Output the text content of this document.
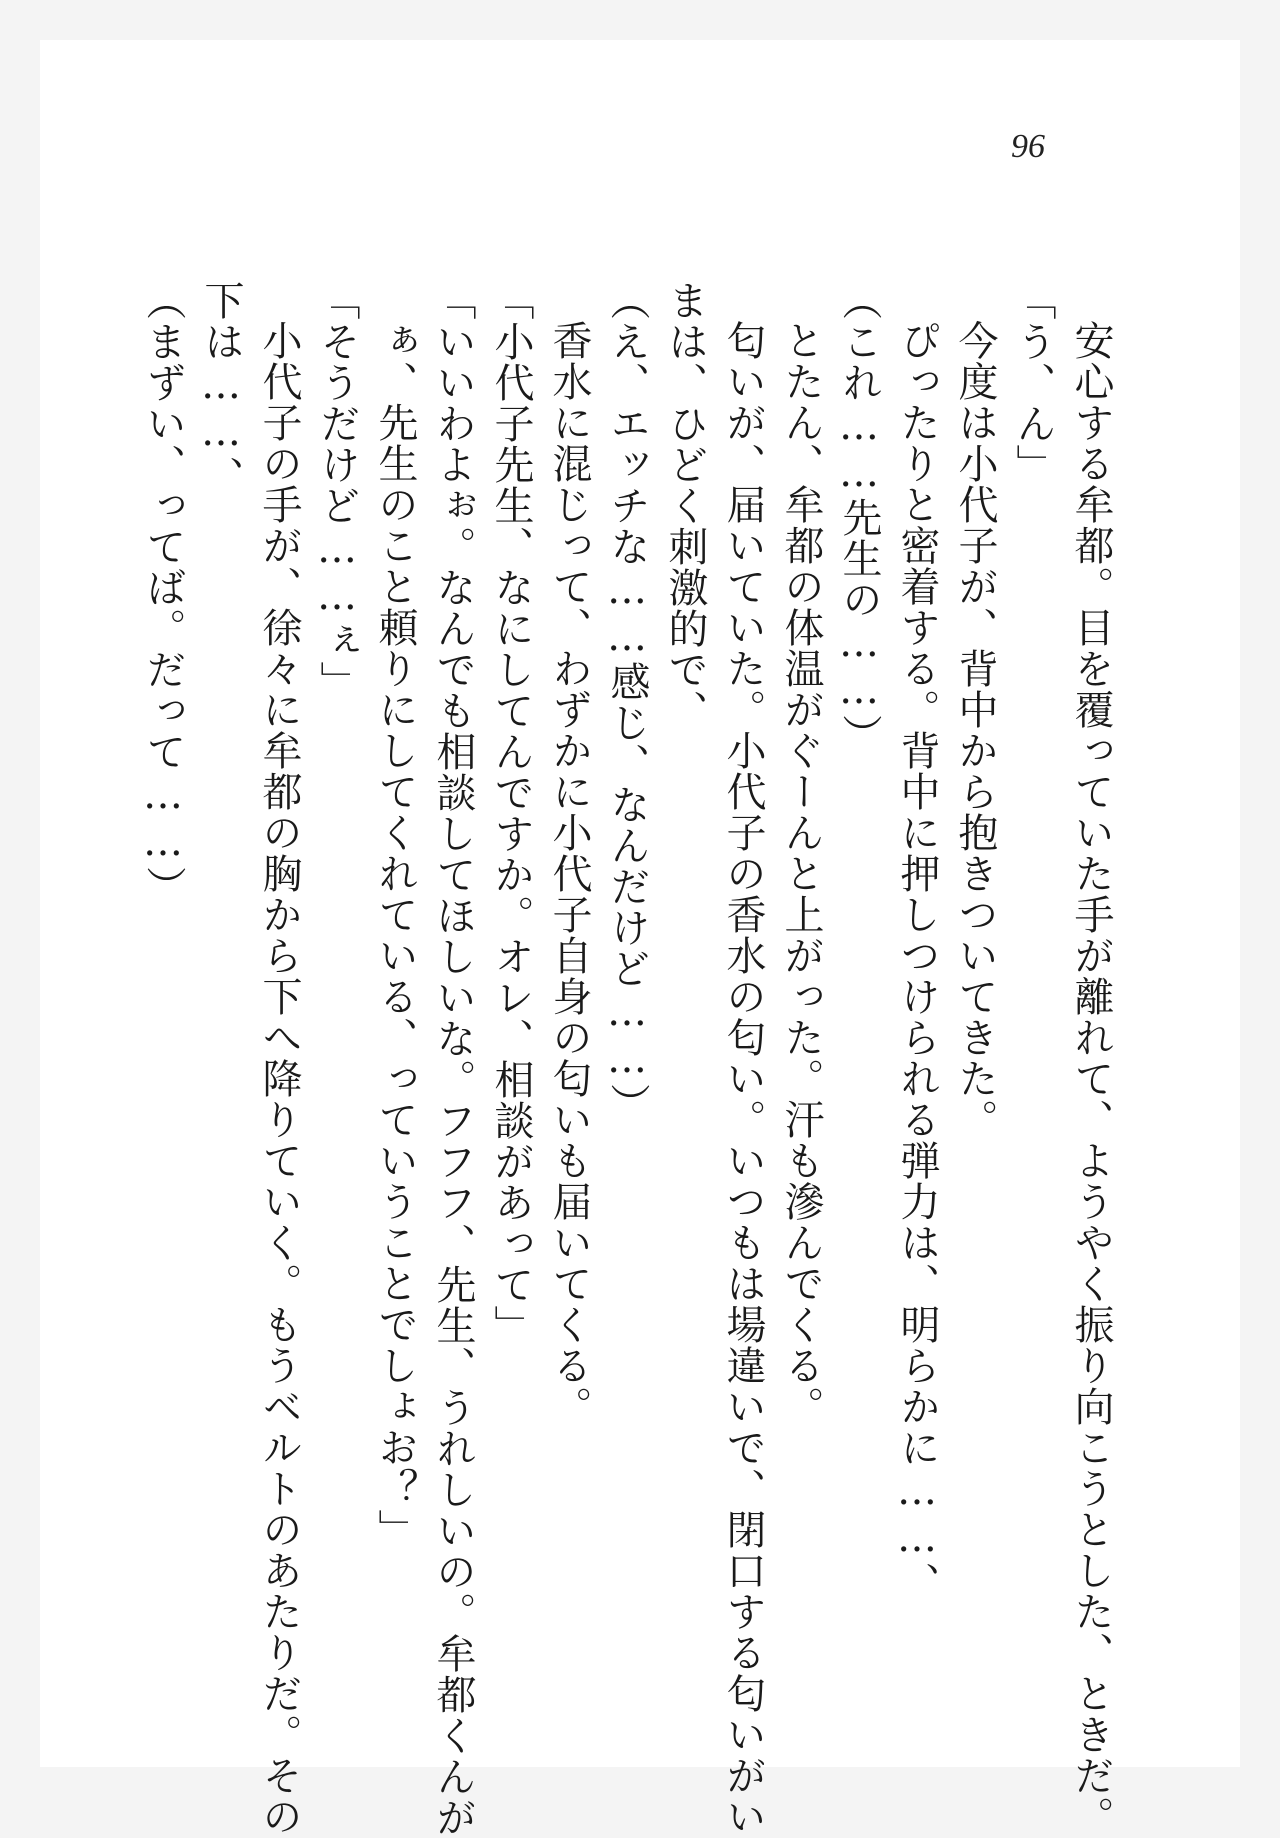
96
安心する牟都。目を覆っていた手が離れて、ようやく振り向こうとした、ときだ。
「う、ん」
今度は小代子が、背中から抱きついてきた。
ぴったりと密着する。背中に押しつけられる弾力は、明らかに……、
（これ……先生の……）
とたん、牟都の体温がぐーんと上がった。汗も滲んでくる。
匂いが、届いていた。小代子の香水の匂い。いつもは場違いで、閉口する匂いがい
まは、ひどく刺激的で、
（え、エッチな……感じ、なんだけど……）
香水に混じって、わずかに小代子自身の匂いも届いてくる。
「小代子先生、なにしてんですか。オレ、相談があって」
「いいわよぉ。なんでも相談してほしいな。フフフ、先生、うれしいの。牟都くんが
ぁ、先生のこと頼りにしてくれている、っていうことでしょお？」
「そうだけど……ぇ」
小代子の手が、徐々に牟都の胸から下へ降りていく。もうベルトのあたりだ。その
下は……、
（まずい、ってば。だって……）
